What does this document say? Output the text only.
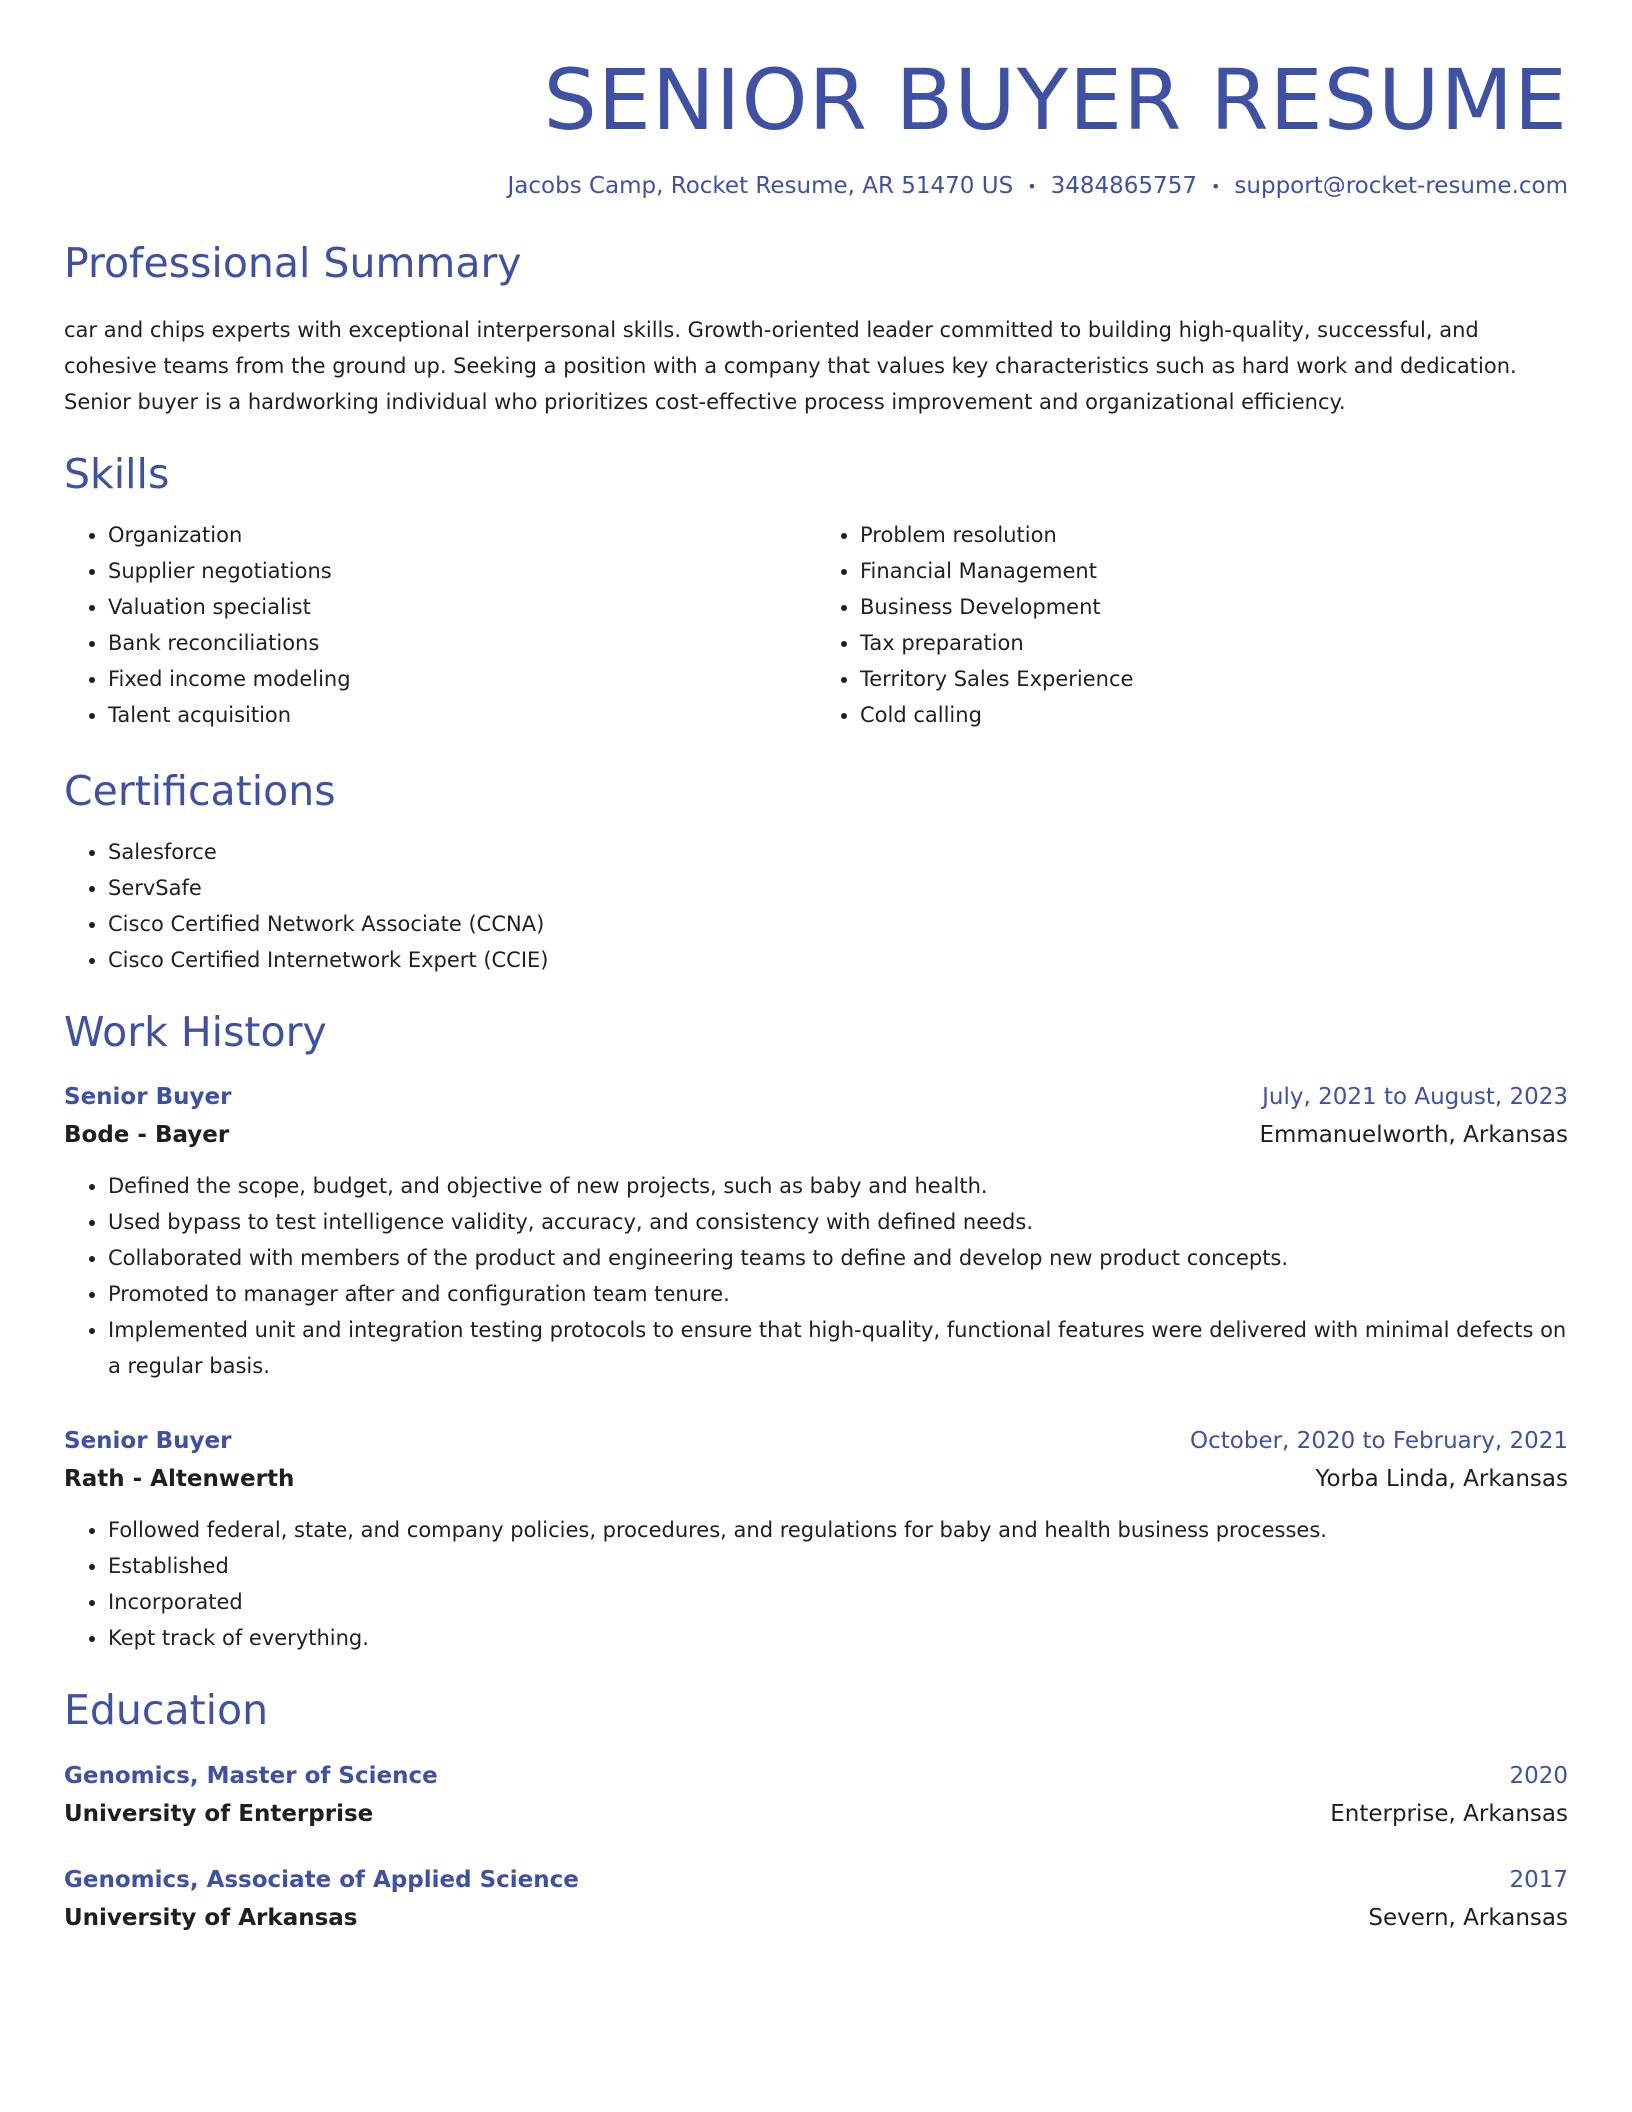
SENIOR BUYER RESUME
Jacobs Camp, Rocket Resume, AR 51470 US • 3484865757 • support@rocket-resume.com
Professional Summary

car and chips experts with exceptional interpersonal skills. Growth-oriented leader committed to building high-quality, successful, and cohesive teams from the ground up. Seeking a position with a company that values key characteristics such as hard work and dedication. Senior buyer is a hardworking individual who prioritizes cost-effective process improvement and organizational efficiency.

Skills
• Organization
• Supplier negotiations
• Valuation specialist
• Bank reconciliations
• Fixed income modeling
• Talent acquisition
• Problem resolution
• Financial Management
• Business Development
• Tax preparation
• Territory Sales Experience
• Cold calling
Certifications
• Salesforce
• ServSafe
• Cisco Certified Network Associate (CCNA)
• Cisco Certified Internetwork Expert (CCIE)
Work History
Senior Buyer	July, 2021 to August, 2023
Bode - Bayer	Emmanuelworth, Arkansas
• Defined the scope, budget, and objective of new projects, such as baby and health.
• Used bypass to test intelligence validity, accuracy, and consistency with defined needs.
• Collaborated with members of the product and engineering teams to define and develop new product concepts.
• Promoted to manager after and configuration team tenure.
• Implemented unit and integration testing protocols to ensure that high-quality, functional features were delivered with minimal defects on a regular basis.
Senior Buyer	October, 2020 to February, 2021
Rath - Altenwerth	Yorba Linda, Arkansas
• Followed federal, state, and company policies, procedures, and regulations for baby and health business processes.
• Established
• Incorporated
• Kept track of everything.
Education
Genomics, Master of Science	2020
University of Enterprise	Enterprise, Arkansas
Genomics, Associate of Applied Science	2017
University of Arkansas	Severn, Arkansas
